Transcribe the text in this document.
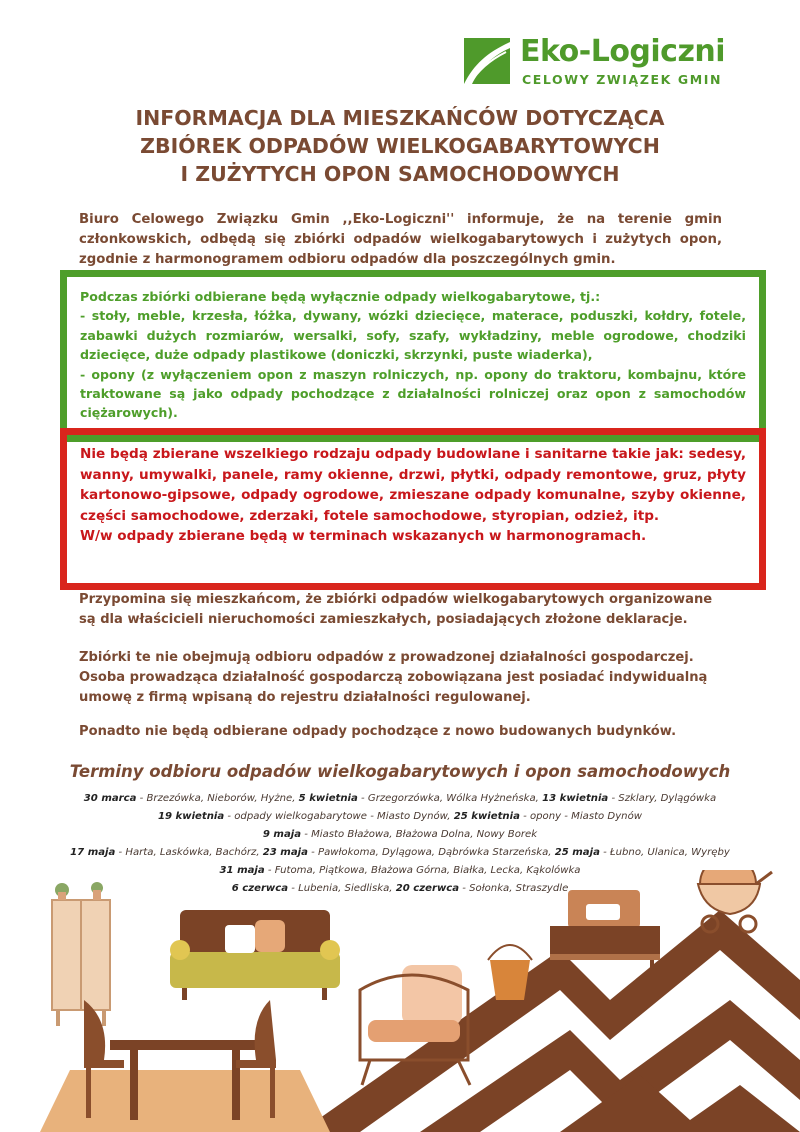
Eko-Logiczni
CELOWY ZWIĄZEK GMIN
INFORMACJA DLA MIESZKAŃCÓW DOTYCZĄCA
ZBIÓREK ODPADÓW WIELKOGABARYTOWYCH
I ZUŻYTYCH OPON SAMOCHODOWYCH

Biuro Celowego Związku Gmin ,,Eko-Logiczni'' informuje, że na terenie gmin członkowskich, odbędą się zbiórki odpadów wielkogabarytowych i zużytych opon, zgodnie z harmonogramem odbioru odpadów dla poszczególnych gmin.

Podczas zbiórki odbierane będą wyłącznie odpady wielkogabarytowe, tj.:

- stoły, meble, krzesła, łóżka, dywany, wózki dziecięce, materace, poduszki, kołdry, fotele, zabawki dużych rozmiarów, wersalki, sofy, szafy, wykładziny, meble ogrodowe, chodziki dziecięce, duże odpady plastikowe (doniczki, skrzynki, puste wiaderka),

- opony (z wyłączeniem opon z maszyn rolniczych, np. opony do traktoru, kombajnu, które traktowane są jako odpady pochodzące z działalności rolniczej oraz opon z samochodów ciężarowych).

Nie będą zbierane wszelkiego rodzaju odpady budowlane i sanitarne takie jak: sedesy, wanny, umywalki, panele, ramy okienne, drzwi, płytki, odpady remontowe, gruz, płyty kartonowo-gipsowe, odpady ogrodowe, zmieszane odpady komunalne, szyby okienne, części samochodowe, zderzaki, fotele samochodowe, styropian, odzież, itp.

W/w odpady zbierane będą w terminach wskazanych w harmonogramach.

Przypomina się mieszkańcom, że zbiórki odpadów wielkogabarytowych organizowane są dla właścicieli nieruchomości zamieszkałych, posiadających złożone deklaracje.

Zbiórki te nie obejmują odbioru odpadów z prowadzonej działalności gospodarczej. Osoba prowadząca działalność gospodarczą zobowiązana jest posiadać indywidualną umowę z firmą wpisaną do rejestru działalności regulowanej.

Ponadto nie będą odbierane odpady pochodzące z nowo budowanych budynków.

Terminy odbioru odpadów wielkogabarytowych i opon samochodowych
30 marca - Brzezówka, Nieborów, Hyżne, 5 kwietnia - Grzegorzówka, Wólka Hyżneńska, 13 kwietnia - Szklary, Dylągówka
19 kwietnia - odpady wielkogabarytowe - Miasto Dynów, 25 kwietnia - opony - Miasto Dynów
9 maja - Miasto Błażowa, Błażowa Dolna, Nowy Borek
17 maja - Harta, Laskówka, Bachórz, 23 maja - Pawłokoma, Dylągowa, Dąbrówka Starzeńska, 25 maja - Łubno, Ulanica, Wyręby
31 maja - Futoma, Piątkowa, Błażowa Górna, Białka, Lecka, Kąkolówka
6 czerwca - Lubenia, Siedliska, 20 czerwca - Sołonka, Straszydle
